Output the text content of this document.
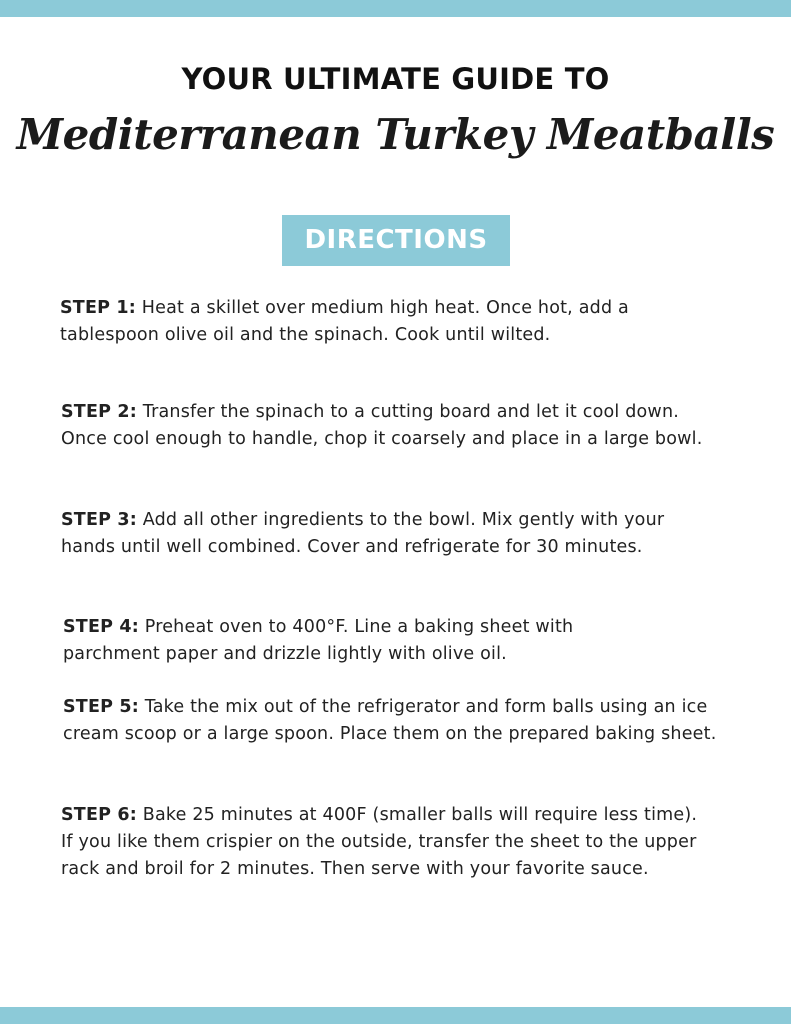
YOUR ULTIMATE GUIDE TO
Mediterranean Turkey Meatballs
DIRECTIONS
STEP 1: Heat a skillet over medium high heat. Once hot, add a tablespoon olive oil and the spinach. Cook until wilted.
STEP 2: Transfer the spinach to a cutting board and let it cool down. Once cool enough to handle, chop it coarsely and place in a large bowl.
STEP 3: Add all other ingredients to the bowl. Mix gently with your hands until well combined. Cover and refrigerate for 30 minutes.
STEP 4: Preheat oven to 400°F. Line a baking sheet with parchment paper and drizzle lightly with olive oil.
STEP 5: Take the mix out of the refrigerator and form balls using an ice cream scoop or a large spoon. Place them on the prepared baking sheet.
STEP 6: Bake 25 minutes at 400F (smaller balls will require less time). If you like them crispier on the outside, transfer the sheet to the upper rack and broil for 2 minutes. Then serve with your favorite sauce.
